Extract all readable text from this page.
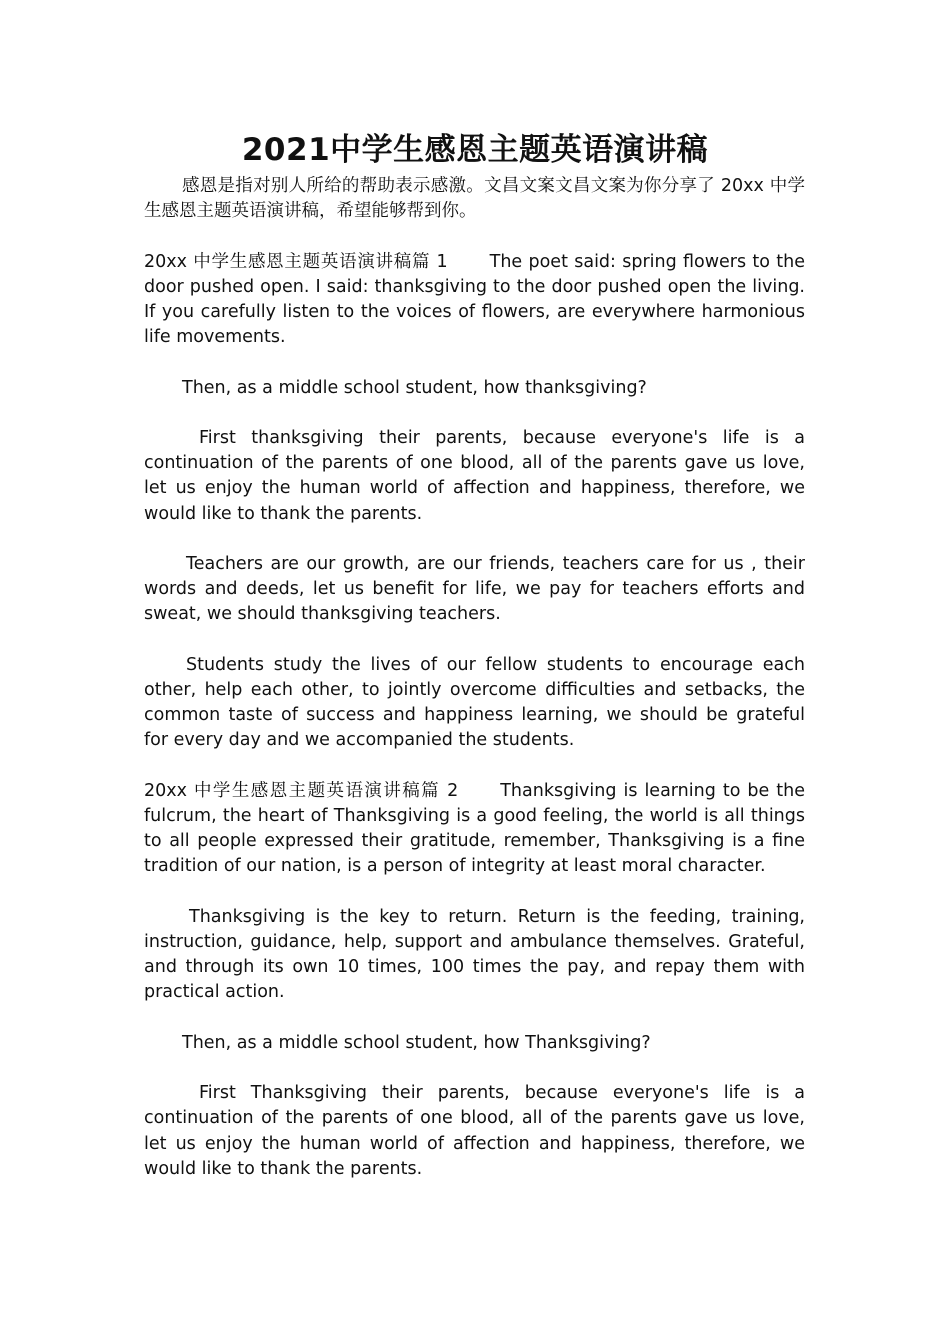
2021中学生感恩主题英语演讲稿

感恩是指对别人所给的帮助表示感激。文昌文案文昌文案为你分享了 20xx 中学生感恩主题英语演讲稿，希望能够帮到你。

20xx 中学生感恩主题英语演讲稿篇 1 The poet said: spring flowers to the door pushed open. I said: thanksgiving to the door pushed open the living. If you carefully listen to the voices of flowers, are everywhere harmonious life movements.

Then, as a middle school student, how thanksgiving?

First thanksgiving their parents, because everyone's life is a continuation of the parents of one blood, all of the parents gave us love, let us enjoy the human world of affection and happiness, therefore, we would like to thank the parents.

Teachers are our growth, are our friends, teachers care for us , their words and deeds, let us benefit for life, we pay for teachers efforts and sweat, we should thanksgiving teachers.

Students study the lives of our fellow students to encourage each other, help each other, to jointly overcome difficulties and setbacks, the common taste of success and happiness learning, we should be grateful for every day and we accompanied the students.

20xx 中学生感恩主题英语演讲稿篇 2 Thanksgiving is learning to be the fulcrum, the heart of Thanksgiving is a good feeling, the world is all things to all people expressed their gratitude, remember, Thanksgiving is a fine tradition of our nation, is a person of integrity at least moral character.

Thanksgiving is the key to return. Return is the feeding, training, instruction, guidance, help, support and ambulance themselves. Grateful, and through its own 10 times, 100 times the pay, and repay them with practical action.

Then, as a middle school student, how Thanksgiving?

First Thanksgiving their parents, because everyone's life is a continuation of the parents of one blood, all of the parents gave us love, let us enjoy the human world of affection and happiness, therefore, we would like to thank the parents.
